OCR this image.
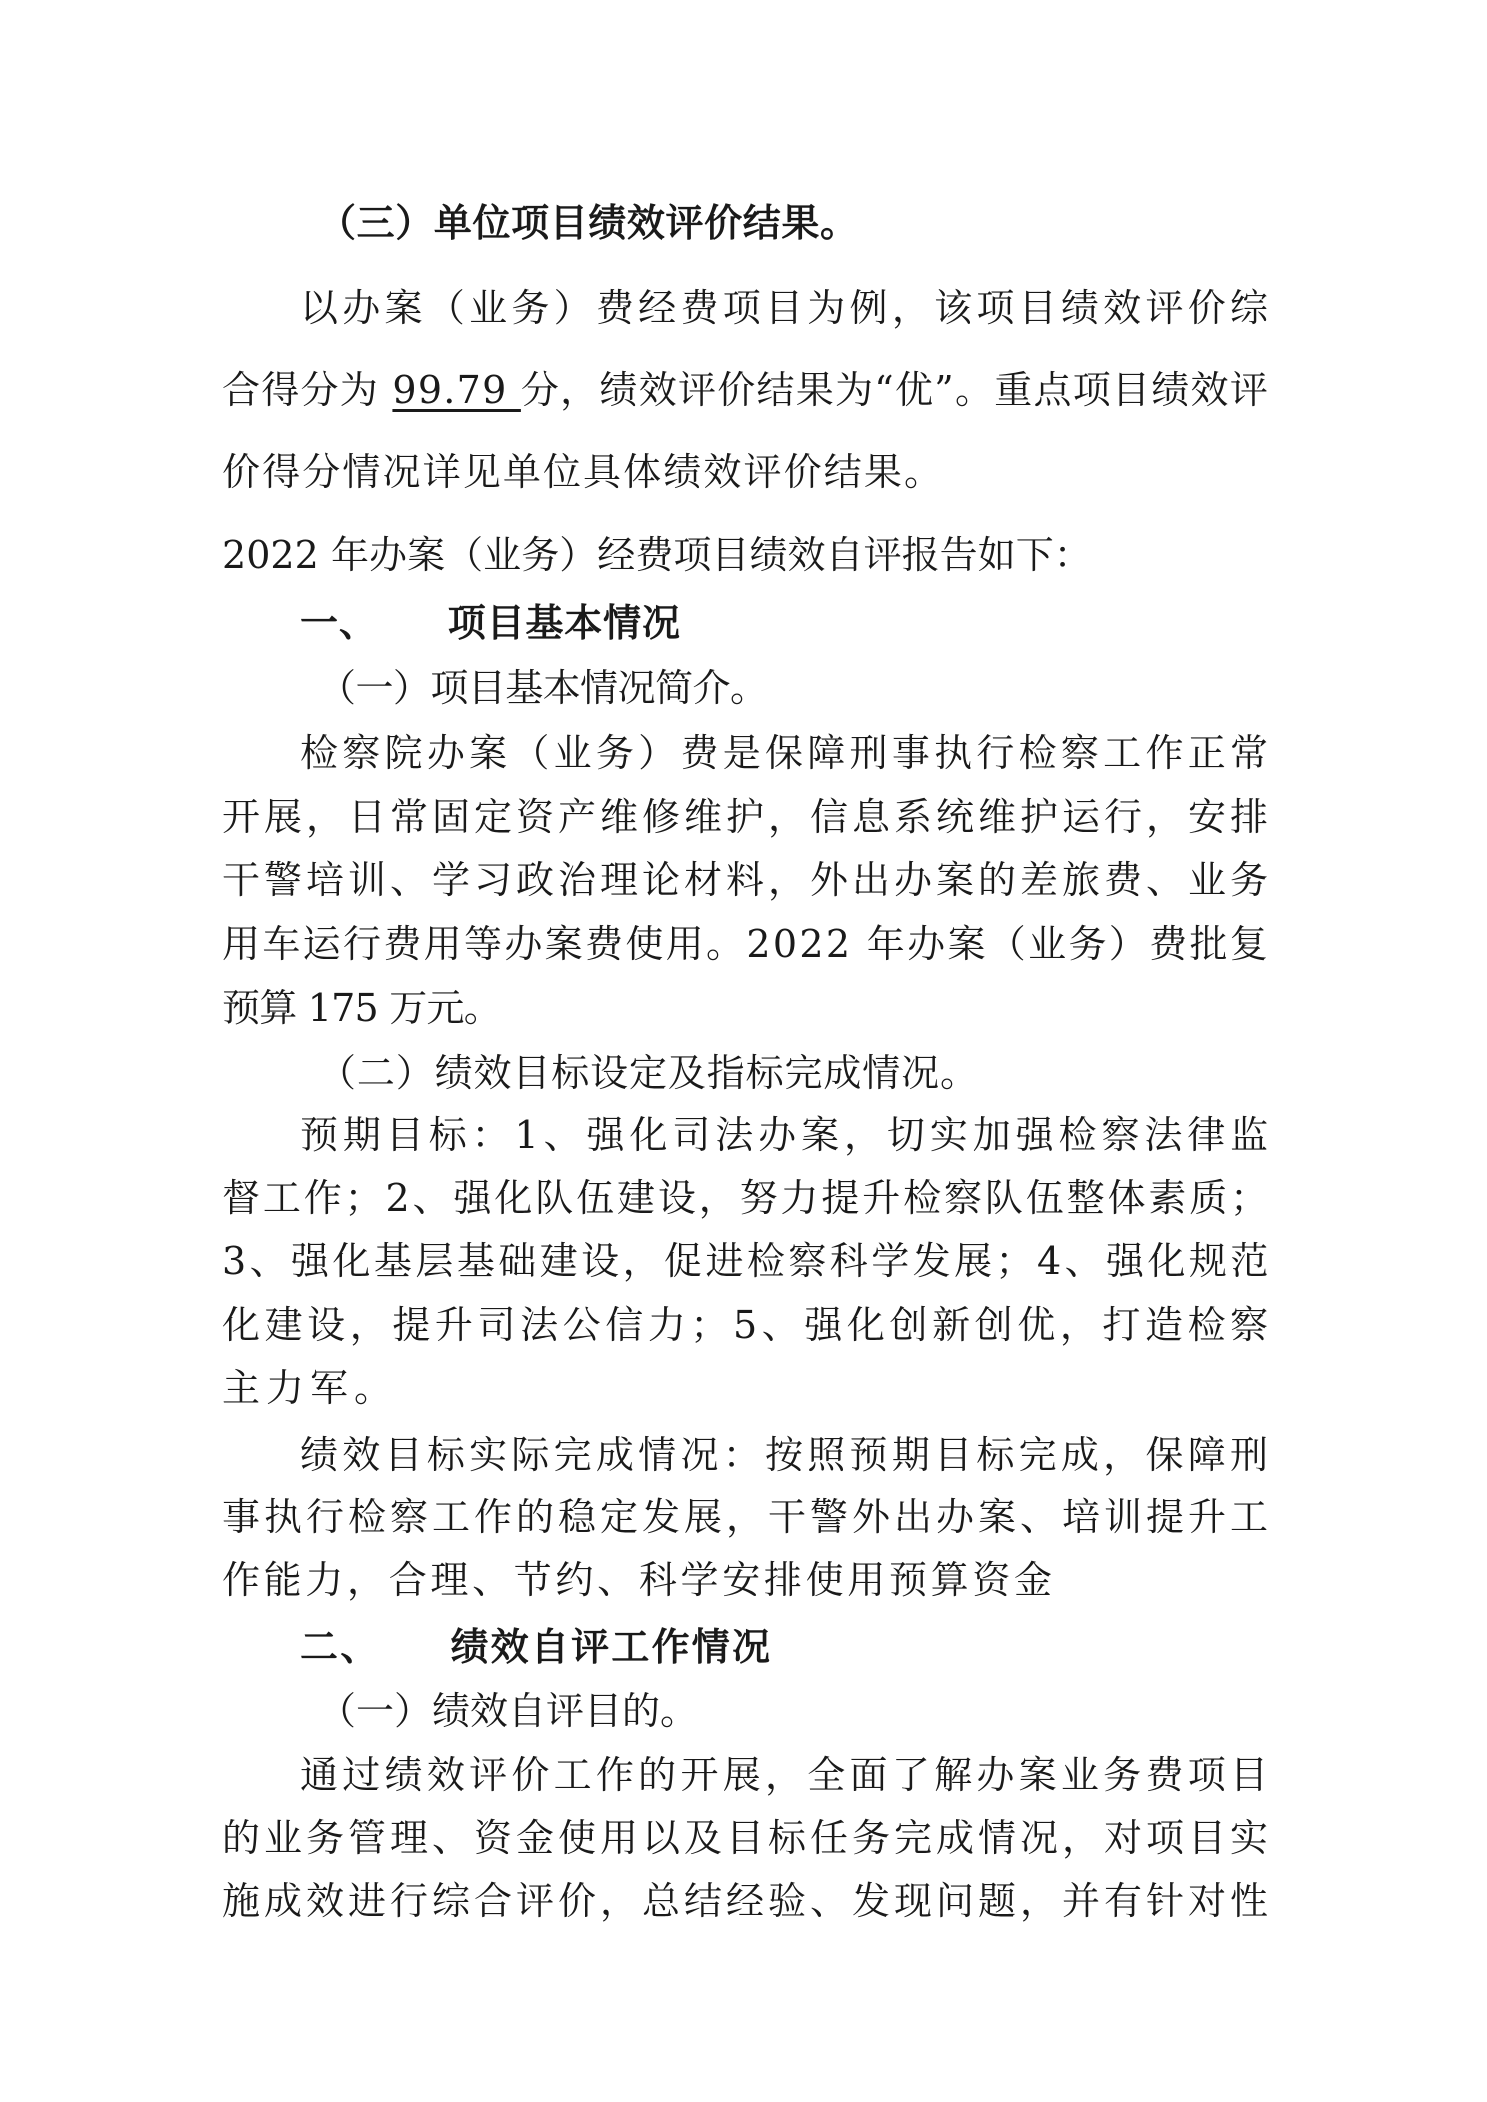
（三）单位项目绩效评价结果。
以办案（业务）费经费项目为例，该项目绩效评价综
合得分为 99.79 分，绩效评价结果为“优”。重点项目绩效评
价得分情况详见单位具体绩效评价结果。
2022 年办案（业务）经费项目绩效自评报告如下：
一、 项目基本情况
（一）项目基本情况简介。
检察院办案（业务）费是保障刑事执行检察工作正常
开展，日常固定资产维修维护，信息系统维护运行，安排
干警培训、学习政治理论材料，外出办案的差旅费、业务
用车运行费用等办案费使用。2022 年办案（业务）费批复
预算 175 万元。
（二）绩效目标设定及指标完成情况。
预期目标：1、强化司法办案，切实加强检察法律监
督工作；2、强化队伍建设，努力提升检察队伍整体素质；
3、强化基层基础建设，促进检察科学发展；4、强化规范
化建设，提升司法公信力；5、强化创新创优，打造检察
主力军。
绩效目标实际完成情况：按照预期目标完成，保障刑
事执行检察工作的稳定发展，干警外出办案、培训提升工
作能力，合理、节约、科学安排使用预算资金
二、 绩效自评工作情况
（一）绩效自评目的。
通过绩效评价工作的开展，全面了解办案业务费项目
的业务管理、资金使用以及目标任务完成情况，对项目实
施成效进行综合评价，总结经验、发现问题，并有针对性
